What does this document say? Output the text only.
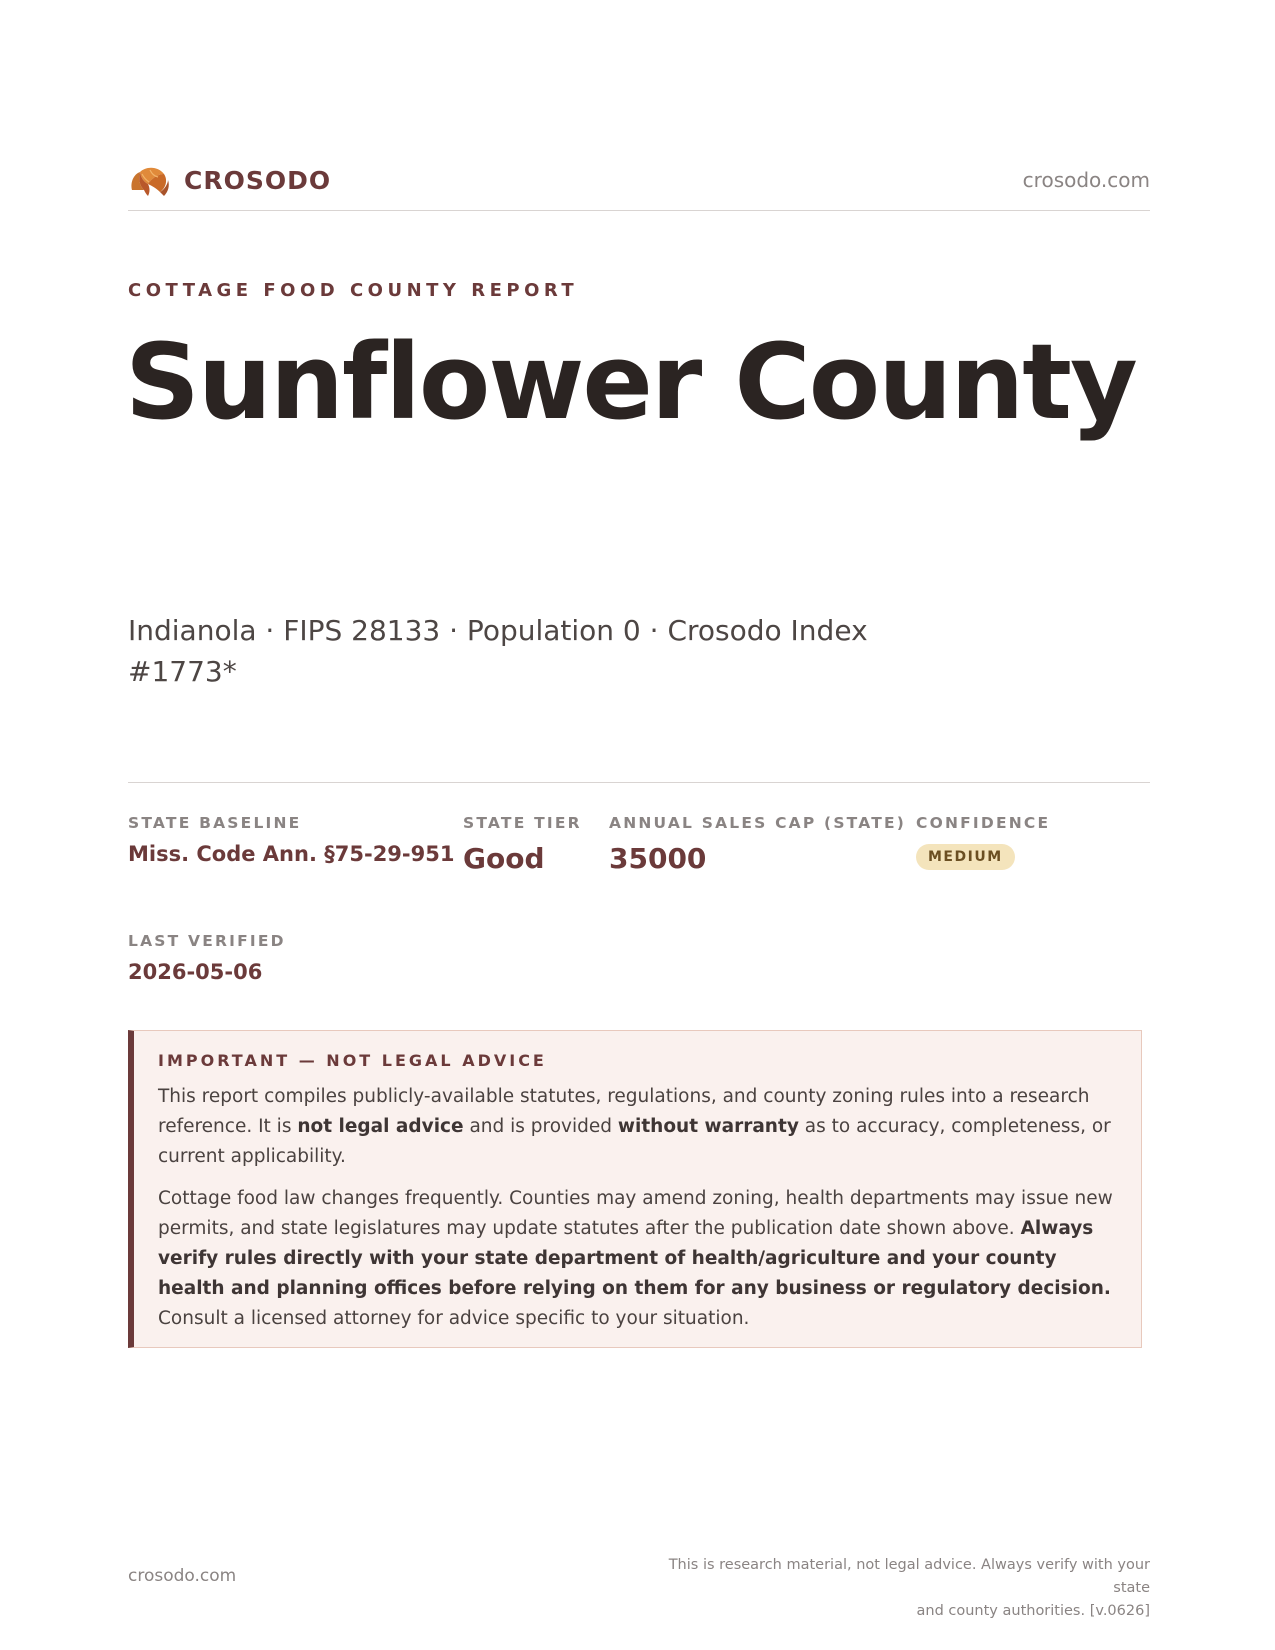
CROSODO	crosodo.com
COTTAGE FOOD COUNTY REPORT
Sunflower County
Indianola · FIPS 28133 · Population 0 · Crosodo Index #1773*
STATE BASELINE
Miss. Code Ann. §75-29-951
STATE TIER
Good
ANNUAL SALES CAP (STATE)
35000
CONFIDENCE
MEDIUM
LAST VERIFIED
2026-05-06
IMPORTANT — NOT LEGAL ADVICE

This report compiles publicly-available statutes, regulations, and county zoning rules into a research reference. It is not legal advice and is provided without warranty as to accuracy, completeness, or current applicability.

Cottage food law changes frequently. Counties may amend zoning, health departments may issue new permits, and state legislatures may update statutes after the publication date shown above. Always verify rules directly with your state department of health/agriculture and your county health and planning offices before relying on them for any business or regulatory decision. Consult a licensed attorney for advice specific to your situation.

crosodo.com
This is research material, not legal advice. Always verify with your state
and county authorities. [v.0626]
